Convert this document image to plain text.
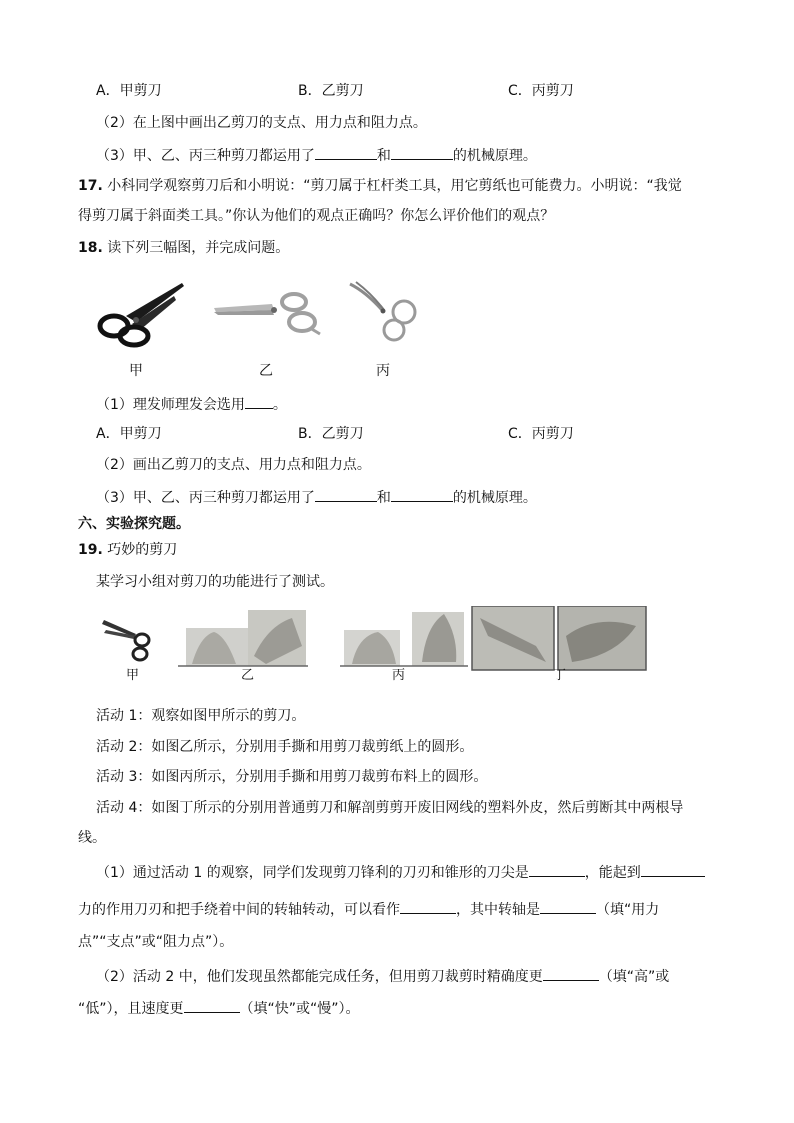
A．甲剪刀	B．乙剪刀	C．丙剪刀
（2）在上图中画出乙剪刀的支点、用力点和阻力点。
（3）甲、乙、丙三种剪刀都运用了	和	的机械原理。
17. 小科同学观察剪刀后和小明说：“剪刀属于杠杆类工具，用它剪纸也可能费力。小明说：“我觉
得剪刀属于斜面类工具。”你认为他们的观点正确吗？你怎么评价他们的观点？
18. 读下列三幅图，并完成问题。
甲	乙	丙
（1）理发师理发会选用 。
A．甲剪刀	B．乙剪刀	C．丙剪刀
（2）画出乙剪刀的支点、用力点和阻力点。
（3）甲、乙、丙三种剪刀都运用了	和	的机械原理。
六、实验探究题。
19. 巧妙的剪刀
某学习小组对剪刀的功能进行了测试。
甲	乙	丙	丁
活动 1：观察如图甲所示的剪刀。
活动 2：如图乙所示，分别用手撕和用剪刀裁剪纸上的圆形。
活动 3：如图丙所示，分别用手撕和用剪刀裁剪布料上的圆形。
活动 4：如图丁所示的分别用普通剪刀和解剖剪剪开废旧网线的塑料外皮，然后剪断其中两根导
线。
（1）通过活动 1 的观察，同学们发现剪刀锋利的刀刃和锥形的刀尖是	，能起到
力的作用刀刃和把手绕着中间的转轴转动，可以看作	，其中转轴是	（填“用力
点”“支点”或“阻力点”）。
（2）活动 2 中，他们发现虽然都能完成任务，但用剪刀裁剪时精确度更	（填“高”或
“低”），且速度更	（填“快”或“慢”）。
